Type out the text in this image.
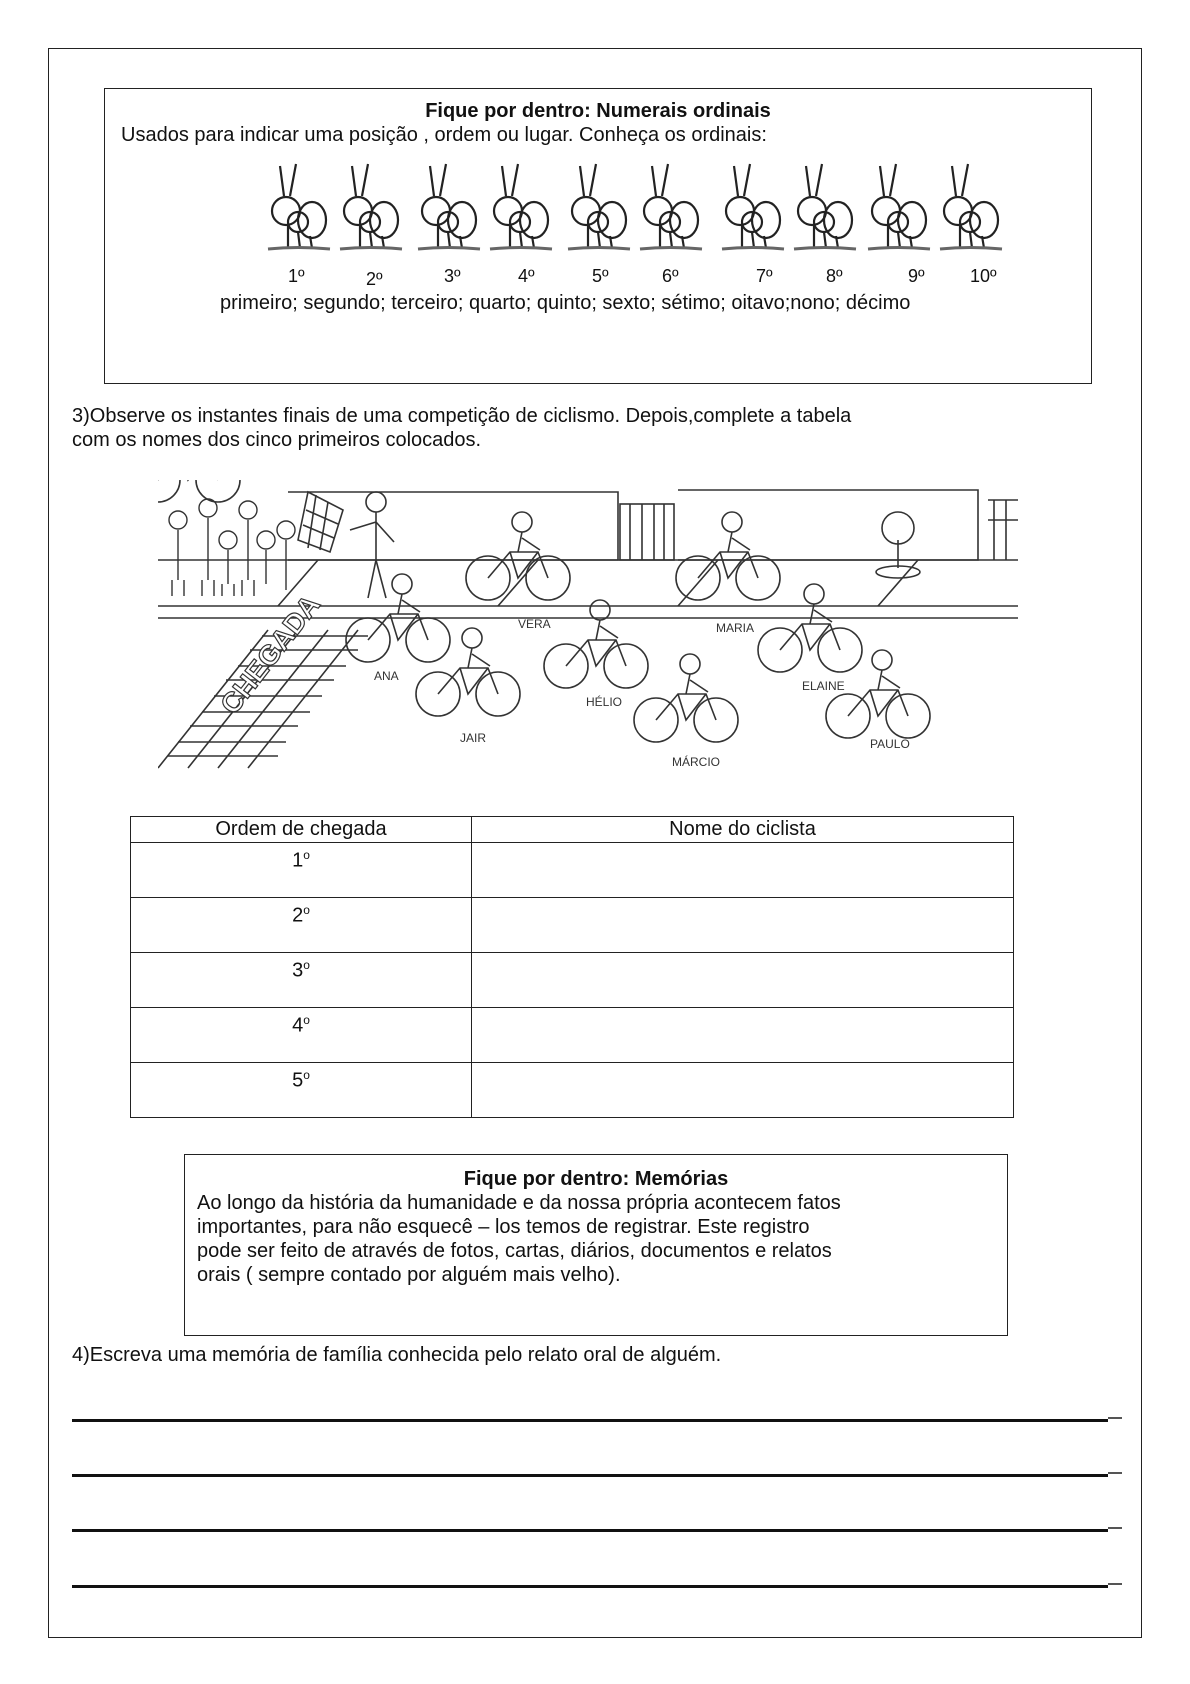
Fique por dentro: Numerais ordinais
Usados para indicar uma posição , ordem ou lugar. Conheça os ordinais:
1º	2º	3º	4º	5º	6º	7º	8º	9º	10º
primeiro; segundo; terceiro; quarto; quinto; sexto; sétimo; oitavo;nono; décimo
3)Observe os instantes finais de uma competição de ciclismo. Depois,complete a tabela
com os nomes dos cinco primeiros colocados.
CHEGADA	ANA
VERA
JAIR
HÉLIO
MARIA
MÁRCIO
ELAINE
PAULO
Ordem de chegada	Nome do ciclista
1$^o$	
2$^o$	
3$^o$	
4$^o$	
5$^o$	
Fique por dentro: Memórias
Ao longo da história da humanidade e da nossa própria acontecem fatos
importantes, para não esquecê – los temos de registrar. Este registro
pode ser feito de através de fotos, cartas, diários, documentos e relatos
orais ( sempre contado por alguém mais velho).
4)Escreva uma memória de família conhecida pelo relato oral de alguém.
